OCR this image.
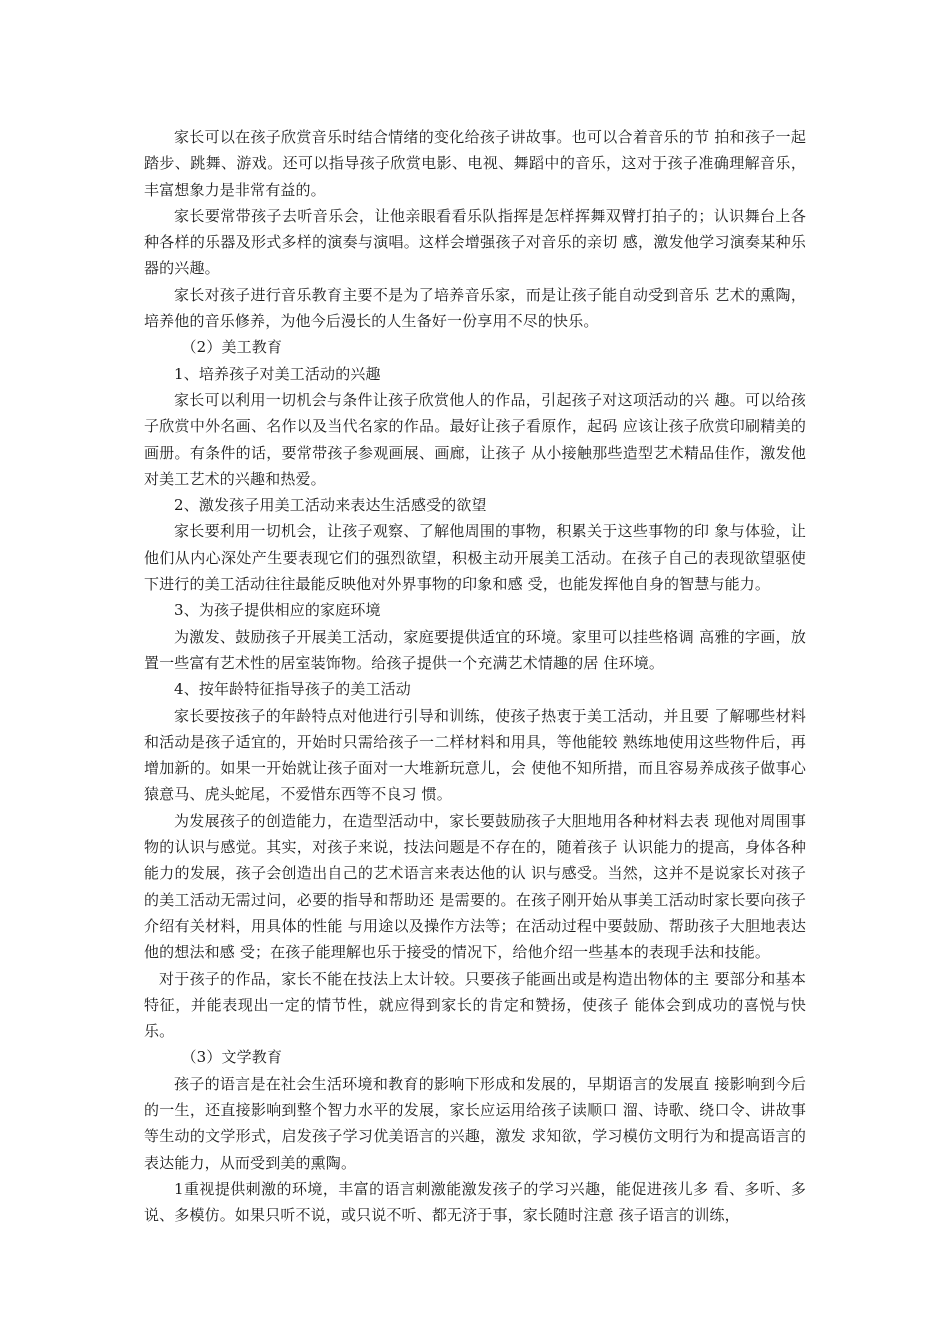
家长可以在孩子欣赏音乐时结合情绪的变化给孩子讲故事。也可以合着音乐的节 拍和孩子一起踏步、跳舞、游戏。还可以指导孩子欣赏电影、电视、舞蹈中的音乐，这对于孩子准确理解音乐，丰富想象力是非常有益的。

家长要常带孩子去听音乐会，让他亲眼看看乐队指挥是怎样挥舞双臂打拍子的；认识舞台上各种各样的乐器及形式多样的演奏与演唱。这样会增强孩子对音乐的亲切 感，激发他学习演奏某种乐器的兴趣。

家长对孩子进行音乐教育主要不是为了培养音乐家，而是让孩子能自动受到音乐 艺术的熏陶，培养他的音乐修养，为他今后漫长的人生备好一份享用不尽的快乐。

（2）美工教育

1、培养孩子对美工活动的兴趣

家长可以利用一切机会与条件让孩子欣赏他人的作品，引起孩子对这项活动的兴 趣。可以给孩子欣赏中外名画、名作以及当代名家的作品。最好让孩子看原作，起码 应该让孩子欣赏印刷精美的画册。有条件的话，要常带孩子参观画展、画廊，让孩子 从小接触那些造型艺术精品佳作，激发他对美工艺术的兴趣和热爱。

2、激发孩子用美工活动来表达生活感受的欲望

家长要利用一切机会，让孩子观察、了解他周围的事物，积累关于这些事物的印 象与体验，让他们从内心深处产生要表现它们的强烈欲望，积极主动开展美工活动。在孩子自己的表现欲望驱使下进行的美工活动往往最能反映他对外界事物的印象和感 受，也能发挥他自身的智慧与能力。

3、为孩子提供相应的家庭环境

为激发、鼓励孩子开展美工活动，家庭要提供适宜的环境。家里可以挂些格调 高雅的字画，放置一些富有艺术性的居室装饰物。给孩子提供一个充满艺术情趣的居 住环境。

4、按年龄特征指导孩子的美工活动

家长要按孩子的年龄特点对他进行引导和训练，使孩子热衷于美工活动，并且要 了解哪些材料和活动是孩子适宜的，开始时只需给孩子一二样材料和用具，等他能较 熟练地使用这些物件后，再增加新的。如果一开始就让孩子面对一大堆新玩意儿，会 使他不知所措，而且容易养成孩子做事心猿意马、虎头蛇尾，不爱惜东西等不良习 惯。

为发展孩子的创造能力，在造型活动中，家长要鼓励孩子大胆地用各种材料去表 现他对周围事物的认识与感觉。其实，对孩子来说，技法问题是不存在的，随着孩子 认识能力的提高，身体各种能力的发展，孩子会创造出自己的艺术语言来表达他的认 识与感受。当然，这并不是说家长对孩子的美工活动无需过问，必要的指导和帮助还 是需要的。在孩子刚开始从事美工活动时家长要向孩子介绍有关材料，用具体的性能 与用途以及操作方法等；在活动过程中要鼓励、帮助孩子大胆地表达他的想法和感 受；在孩子能理解也乐于接受的情况下，给他介绍一些基本的表现手法和技能。

对于孩子的作品，家长不能在技法上太计较。只要孩子能画出或是构造出物体的主 要部分和基本特征，并能表现出一定的情节性，就应得到家长的肯定和赞扬，使孩子 能体会到成功的喜悦与快乐。

（3）文学教育

孩子的语言是在社会生活环境和教育的影响下形成和发展的，早期语言的发展直 接影响到今后的一生，还直接影响到整个智力水平的发展，家长应运用给孩子读顺口 溜、诗歌、绕口令、讲故事等生动的文学形式，启发孩子学习优美语言的兴趣，激发 求知欲，学习模仿文明行为和提高语言的表达能力，从而受到美的熏陶。

1重视提供刺激的环境，丰富的语言刺激能激发孩子的学习兴趣，能促进孩儿多 看、多听、多说、多模仿。如果只听不说，或只说不听、都无济于事，家长随时注意 孩子语言的训练，
